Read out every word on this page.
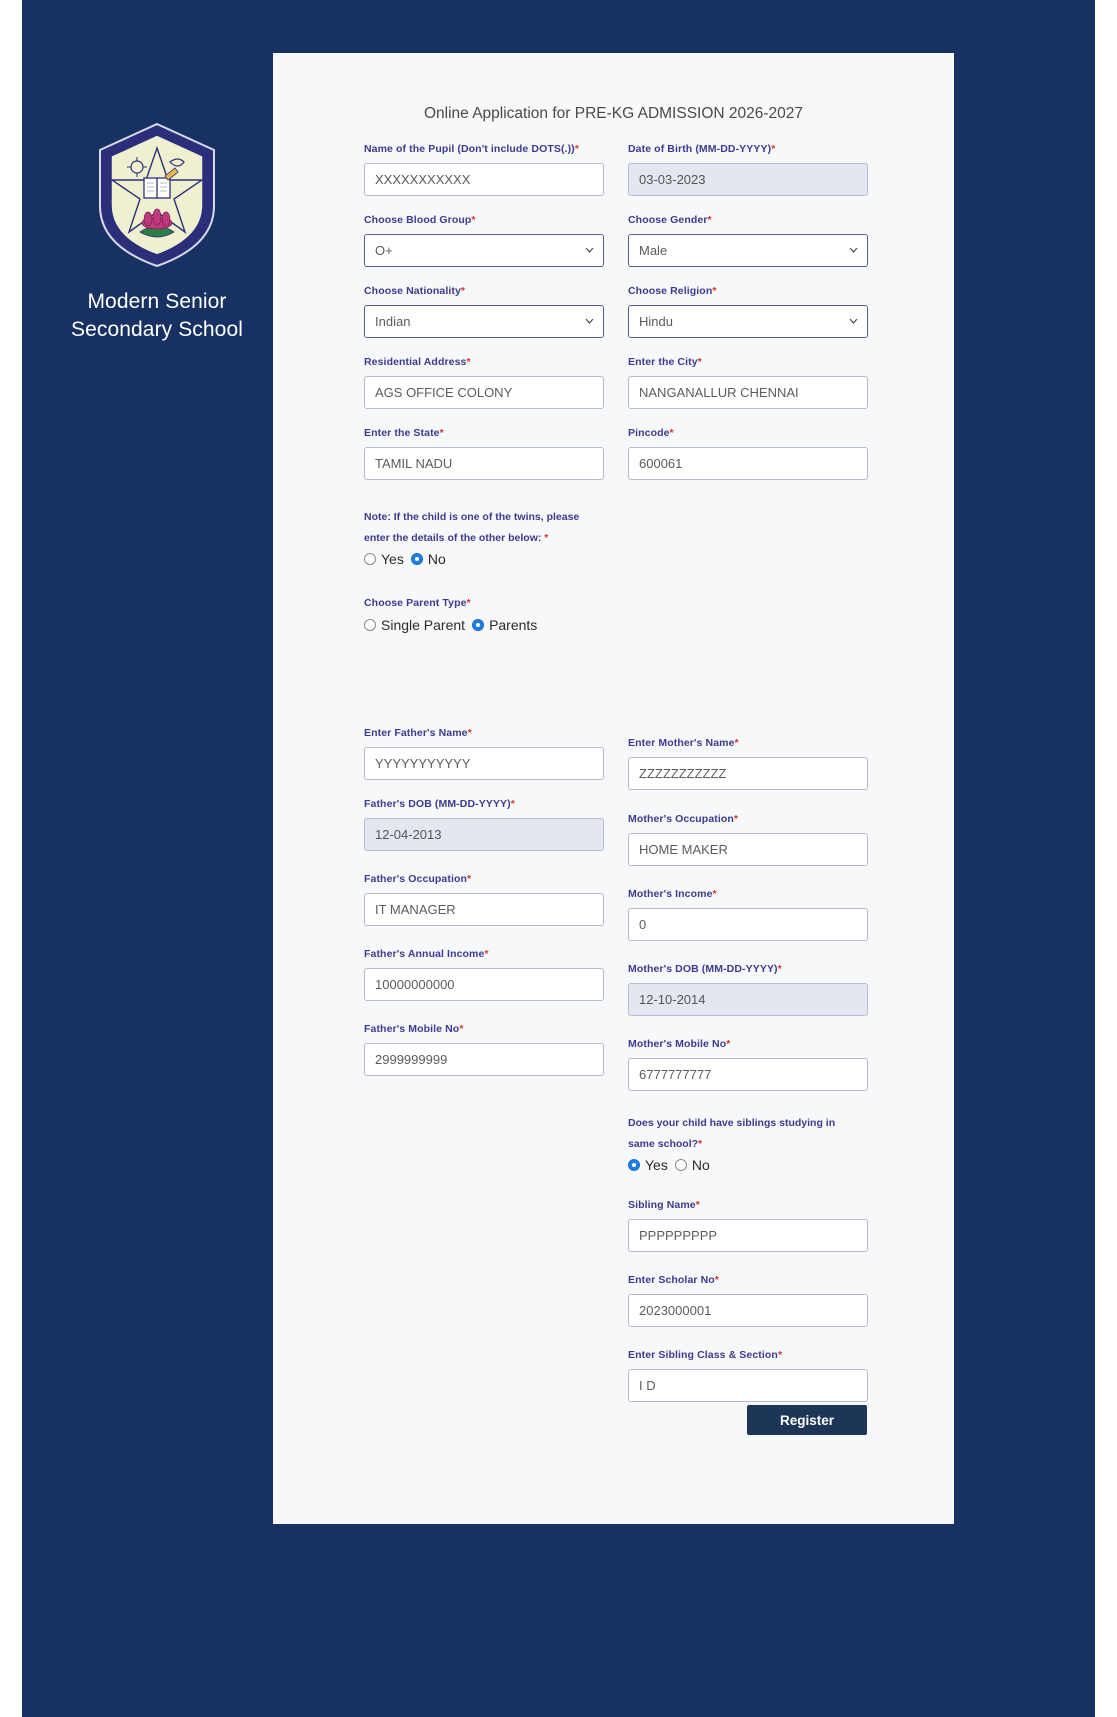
Modern Senior
Secondary School
Online Application for PRE-KG ADMISSION 2026-2027
Name of the Pupil (Don't include DOTS(.))*
XXXXXXXXXXX
Choose Blood Group*
O+
Choose Nationality*
Indian
Residential Address*
AGS OFFICE COLONY
Enter the State*
TAMIL NADU
Note: If the child is one of the twins, please enter the details of the other below: *
Yes No
Choose Parent Type*
Single Parent Parents
Enter Father's Name*
YYYYYYYYYYY
Father's DOB (MM-DD-YYYY)*
12-04-2013
Father's Occupation*
IT MANAGER
Father's Annual Income*
10000000000
Father's Mobile No*
2999999999
Date of Birth (MM-DD-YYYY)*
03-03-2023
Choose Gender*
Male
Choose Religion*
Hindu
Enter the City*
NANGANALLUR CHENNAI
Pincode*
600061
Enter Mother's Name*
ZZZZZZZZZZZ
Mother's Occupation*
HOME MAKER
Mother's Income*
0
Mother's DOB (MM-DD-YYYY)*
12-10-2014
Mother's Mobile No*
6777777777
Does your child have siblings studying in same school?*
Yes No
Sibling Name*
PPPPPPPPP
Enter Scholar No*
2023000001
Enter Sibling Class & Section*
I D
Register
